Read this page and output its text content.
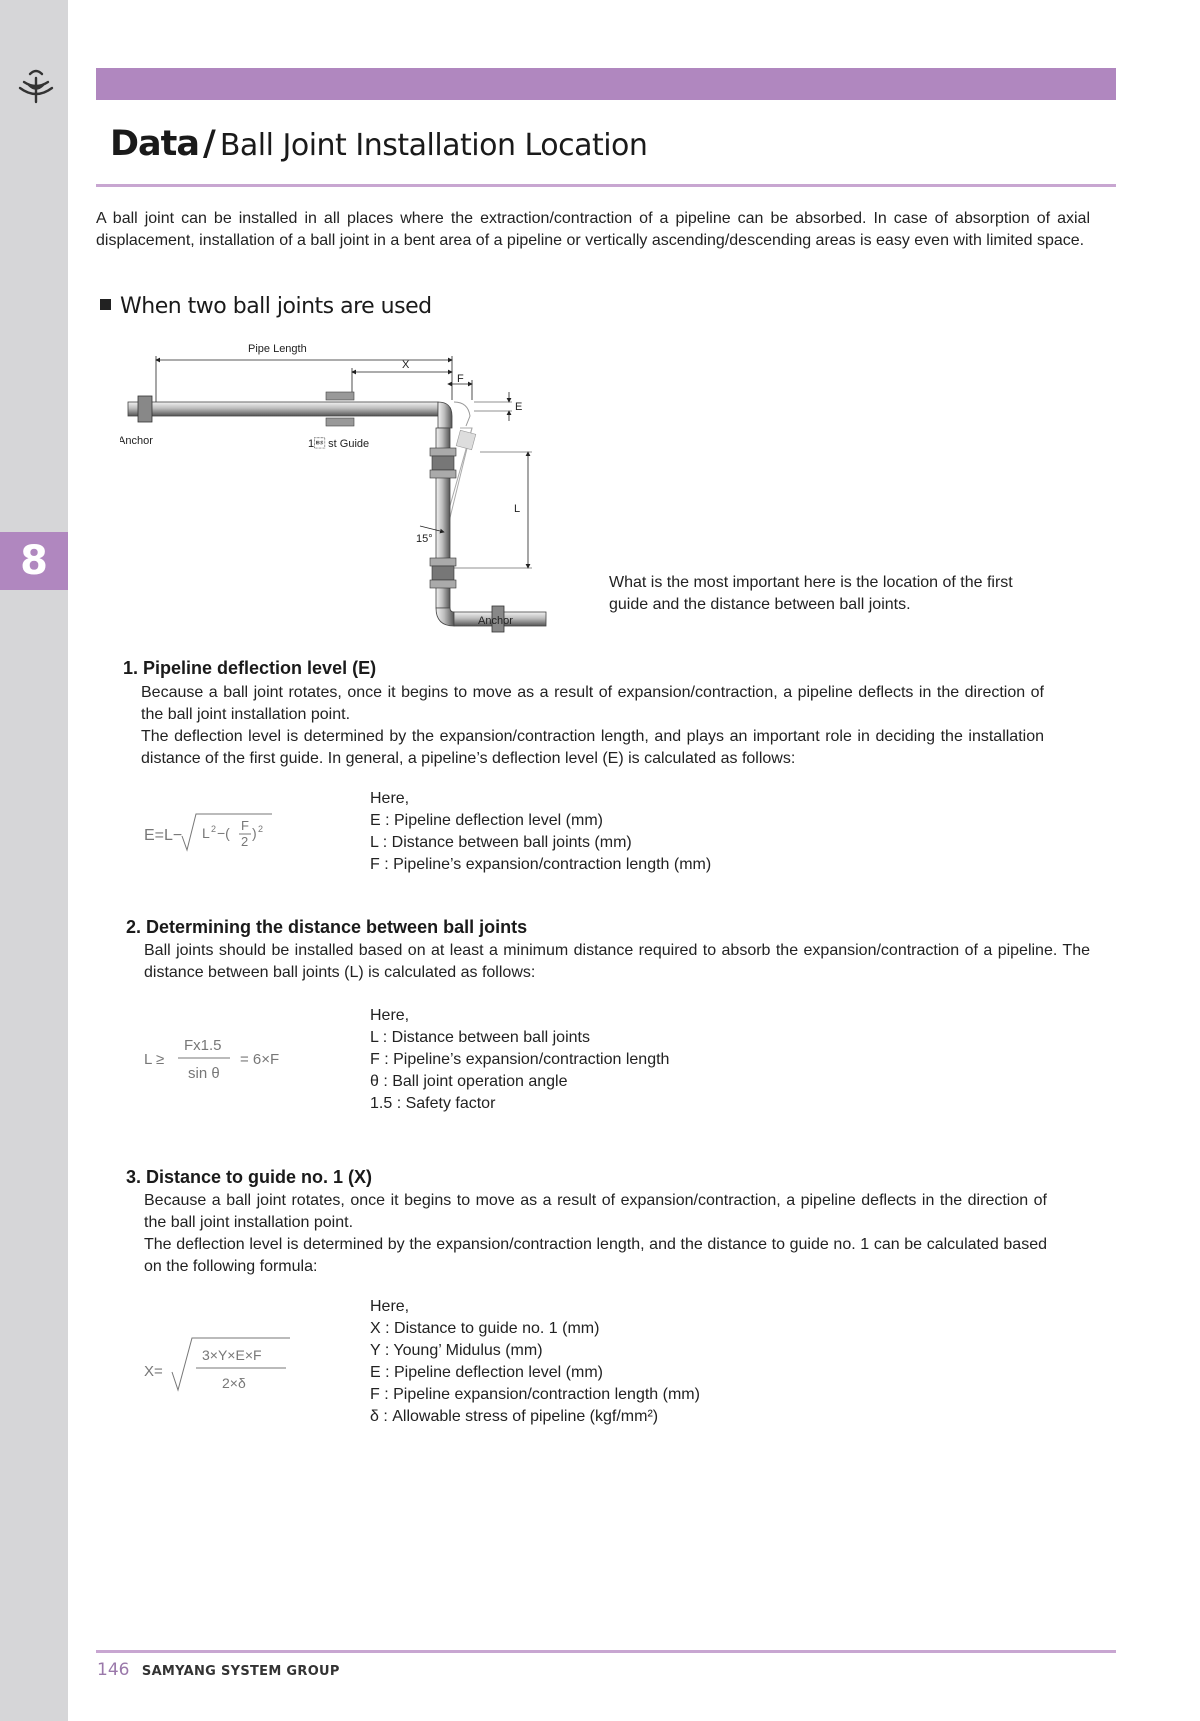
8
Data / Ball Joint Installation Location

A ball joint can be installed in all places where the extraction/contraction of a pipeline can be absorbed. In case of absorption of axial displacement, installation of a ball joint in a bent area of a pipeline or vertically ascending/descending areas is easy even with limited space.

When two ball joints are used
Pipe Length
X
F
E
Anchor	1 st Guide
L
15°
Anchor

What is the most important here is the location of the first guide and the distance between ball joints.

1. Pipeline deflection level (E)

Because a ball joint rotates, once it begins to move as a result of expansion/contraction, a pipeline deflects in the direction of the ball joint installation point.

The deflection level is determined by the expansion/contraction length, and plays an important role in deciding the installation distance of the first guide. In general, a pipeline’s deflection level (E) is calculated as follows:

E=L− L 2 −( F
2
) 2
Here,
E : Pipeline deflection level (mm)
L : Distance between ball joints (mm)
F : Pipeline’s expansion/contraction length (mm)
2. Determining the distance between ball joints

Ball joints should be installed based on at least a minimum distance required to absorb the expansion/contraction of a pipeline. The distance between ball joints (L) is calculated as follows:

L ≥
Fx1.5
sin θ
= 6×F
Here,
L : Distance between ball joints
F : Pipeline’s expansion/contraction length
θ : Ball joint operation angle
1.5 : Safety factor
3. Distance to guide no. 1 (X)

Because a ball joint rotates, once it begins to move as a result of expansion/contraction, a pipeline deflects in the direction of the ball joint installation point.

The deflection level is determined by the expansion/contraction length, and the distance to guide no. 1 can be calculated based on the following formula:

X=
3×Y×E×F
2×δ
Here,
X : Distance to guide no. 1 (mm)
Y : Young’ Midulus (mm)
E : Pipeline deflection level (mm)
F : Pipeline expansion/contraction length (mm)
δ : Allowable stress of pipeline (kgf/mm²)
146 SAMYANG SYSTEM GROUP
